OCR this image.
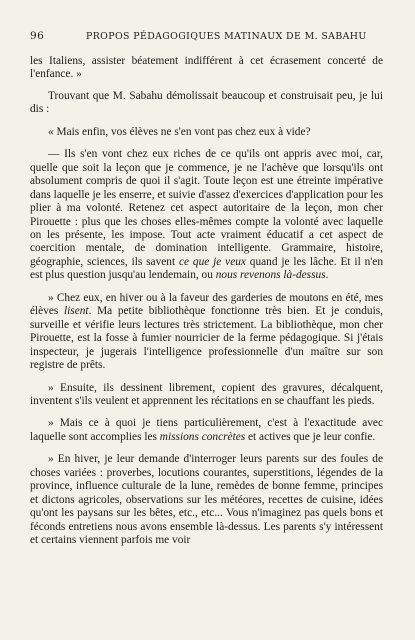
96	PROPOS PÉDAGOGIQUES MATINAUX DE M. SABAHU

les Italiens, assister béatement indifférent à cet écrasement concerté de l'enfance. »

Trouvant que M. Sabahu démolissait beaucoup et construisait peu, je lui dis :

« Mais enfin, vos élèves ne s'en vont pas chez eux à vide?

— Ils s'en vont chez eux riches de ce qu'ils ont appris avec moi, car, quelle que soit la leçon que je commence, je ne l'achève que lorsqu'ils ont absolument compris de quoi il s'agit. Toute leçon est une étreinte impérative dans laquelle je les enserre, et suivie d'assez d'exercices d'application pour les plier à ma volonté. Retenez cet aspect autoritaire de la leçon, mon cher Pirouette : plus que les choses elles-mêmes compte la volonté avec laquelle on les présente, les impose. Tout acte vraiment éducatif a cet aspect de coercition mentale, de domination intelligente. Grammaire, histoire, géographie, sciences, ils savent ce que je veux quand je les lâche. Et il n'en est plus question jusqu'au lendemain, ou nous revenons là-dessus.

» Chez eux, en hiver ou à la faveur des garderies de moutons en été, mes élèves lisent. Ma petite bibliothèque fonctionne très bien. Et je conduis, surveille et vérifie leurs lectures très strictement. La bibliothèque, mon cher Pirouette, est la fosse à fumier nourricier de la ferme pédagogique. Si j'étais inspecteur, je jugerais l'intelligence professionnelle d'un maître sur son registre de prêts.

» Ensuite, ils dessinent librement, copient des gravures, décalquent, inventent s'ils veulent et apprennent les récitations en se chauffant les pieds.

» Mais ce à quoi je tiens particulièrement, c'est à l'exactitude avec laquelle sont accomplies les missions concrètes et actives que je leur confie.

» En hiver, je leur demande d'interroger leurs parents sur des foules de choses variées : proverbes, locutions courantes, superstitions, légendes de la province, influence culturale de la lune, remèdes de bonne femme, principes et dictons agricoles, observations sur les météores, recettes de cuisine, idées qu'ont les paysans sur les bêtes, etc., etc... Vous n'imaginez pas quels bons et féconds entretiens nous avons ensemble là-dessus. Les parents s'y intéressent et certains viennent parfois me voir
